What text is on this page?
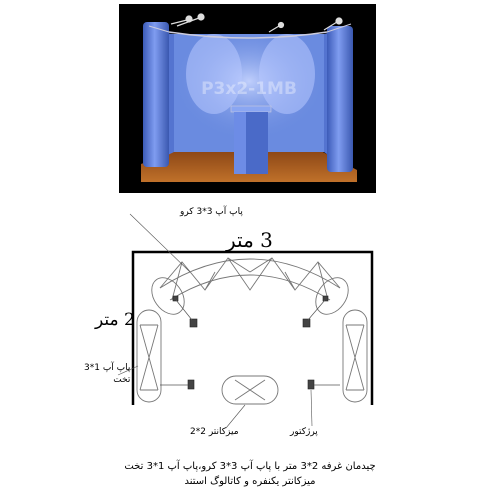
P3x2-1MB
3 متر
2 متر
پاپ آپ 3*3 کرو
پاپ آپ 1*3
تخت
میزکانتر 2*2	پرژکتور
چیدمان غرفه 2*3 متر با پاپ آپ 3*3 کرو،پاپ آپ 1*3 تخت
میزکانتر یکنفره و کاتالوگ استند
